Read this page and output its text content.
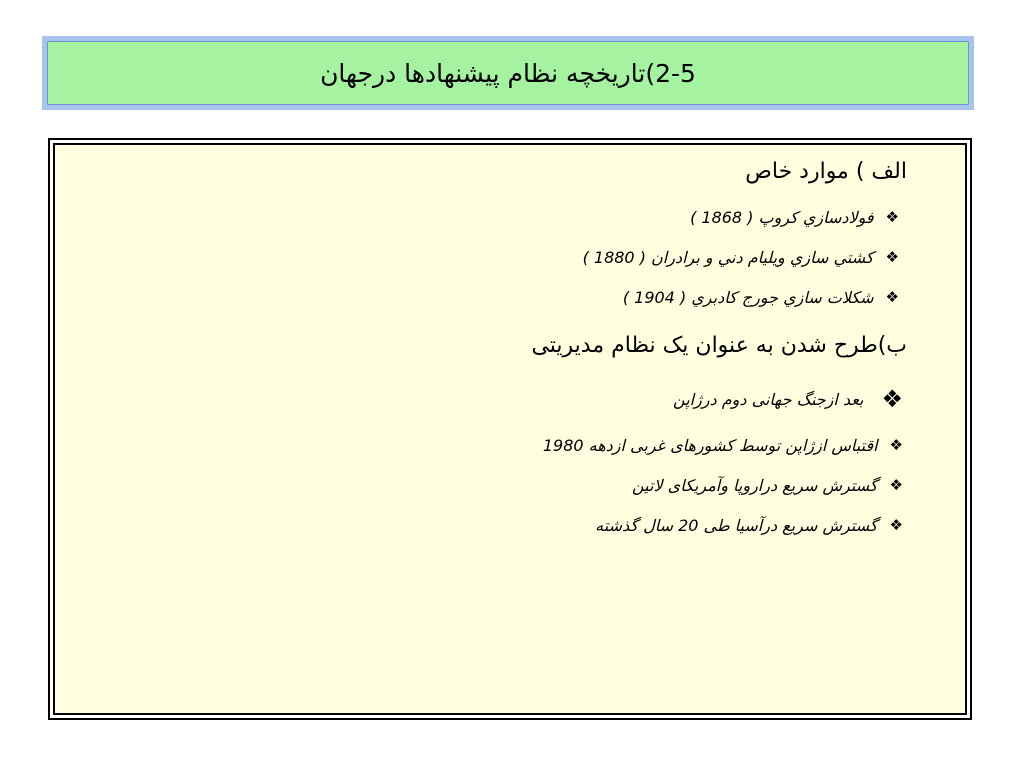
2-5)تاریخچه نظام پیشنهادها درجهان

الف ) موارد خاص

❖
فولادسازي كروپ ( 1868 )
❖
كشتي سازي ويليام دني و برادران ( 1880 )
❖
شكلات سازي جورج كادبري ( 1904 )

ب)طرح شدن به عنوان یک نظام مدیریتی

❖
بعد ازجنگ جهانی دوم درژاپن
❖
اقتباس ازژاپن توسط کشورهای غربی ازدهه 1980
❖
گسترش سریع دراروپا وآمریکای لاتین
❖
گسترش سریع درآسیا طی 20 سال گذشته
